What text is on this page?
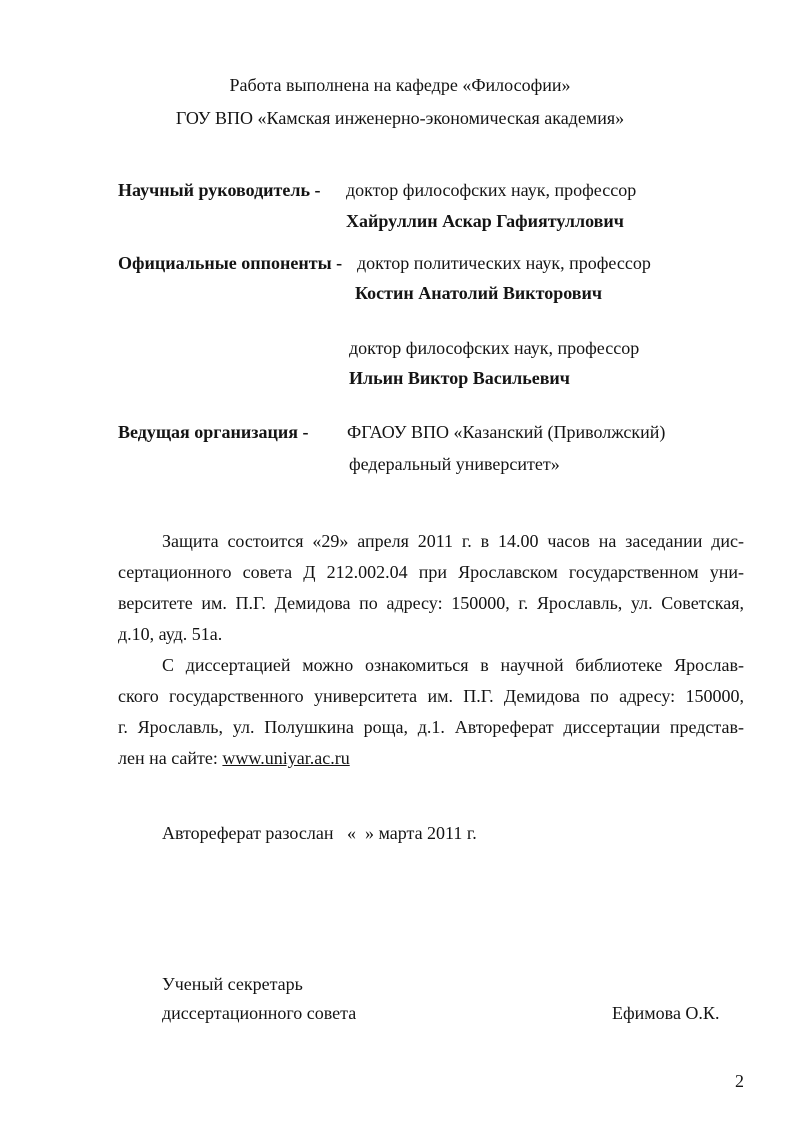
Работа выполнена на кафедре «Философии»
ГОУ ВПО «Камская инженерно-экономическая академия»
Научный руководитель - доктор философских наук, профессор
Хайруллин Аскар Гафиятуллович
Официальные оппоненты - доктор политических наук, профессор
Костин Анатолий Викторович
доктор философских наук, профессор
Ильин Виктор Васильевич
Ведущая организация - ФГАОУ ВПО «Казанский (Приволжский)
федеральный университет»
Защита состоится «29» апреля 2011 г. в 14.00 часов на заседании дис-
сертационного совета Д 212.002.04 при Ярославском государственном уни-
верситете им. П.Г. Демидова по адресу: 150000, г. Ярославль, ул. Советская,
д.10, ауд. 51а.
С диссертацией можно ознакомиться в научной библиотеке Ярослав-
ского государственного университета им. П.Г. Демидова по адресу: 150000,
г. Ярославль, ул. Полушкина роща, д.1. Автореферат диссертации представ-
лен на сайте: www.uniyar.ac.ru
Автореферат разослан   «  » марта 2011 г.
Ученый секретарь
диссертационного совета	Ефимова О.К.
2
